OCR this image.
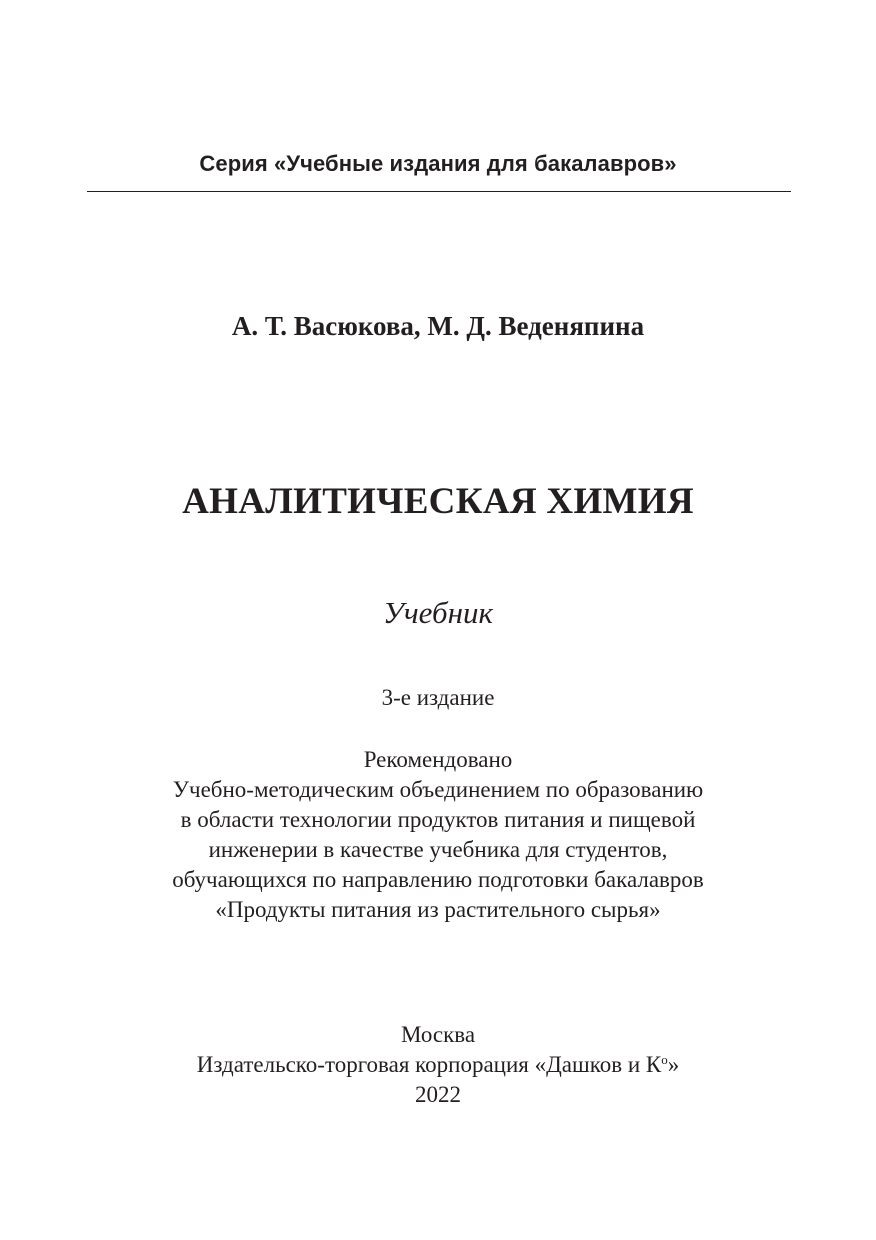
Серия «Учебные издания для бакалавров»
А. Т. Васюкова, М. Д. Веденяпина
АНАЛИТИЧЕСКАЯ ХИМИЯ
Учебник
3-е издание
Рекомендовано
Учебно-методическим объединением по образованию
в области технологии продуктов питания и пищевой
инженерии в качестве учебника для студентов,
обучающихся по направлению подготовки бакалавров
«Продукты питания из растительного сырья»
Москва
Издательско-торговая корпорация «Дашков и $К^о$»
2022
